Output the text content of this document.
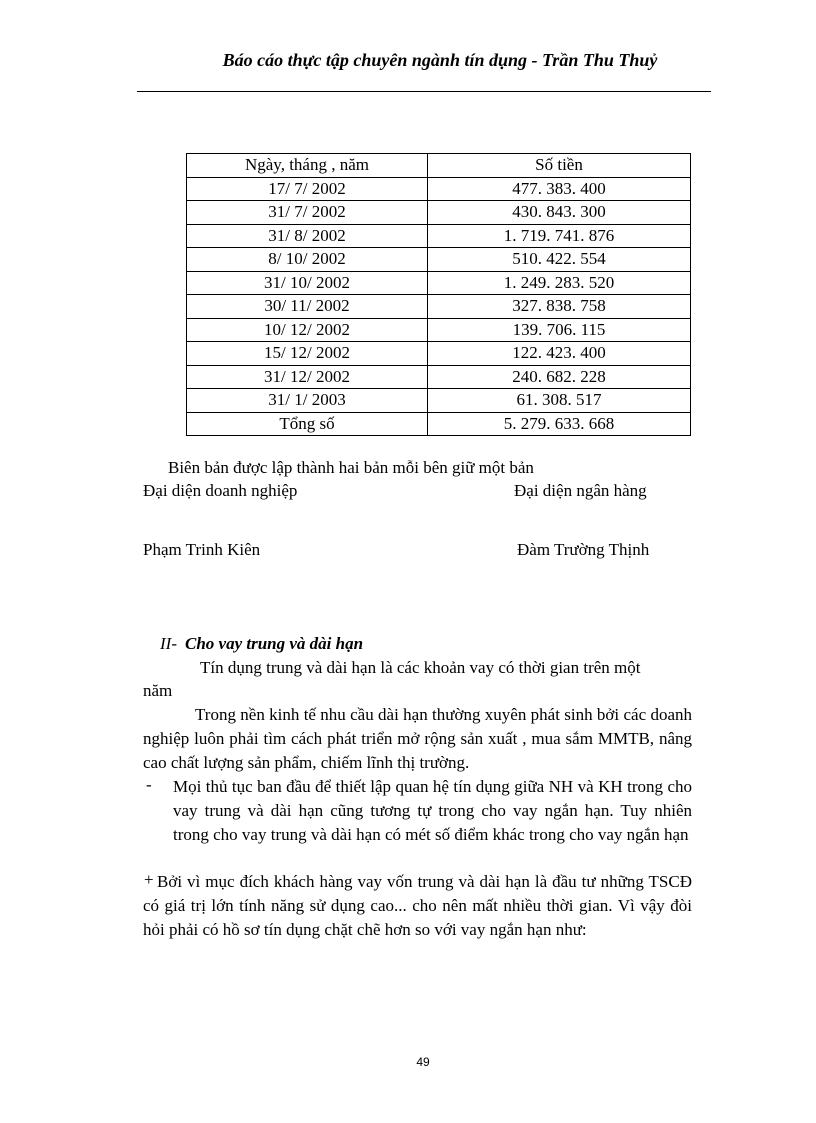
Báo cáo thực tập chuyên ngành tín dụng - Trần Thu Thuỷ
Ngày, tháng , năm	Số tiền
17/ 7/ 2002	477. 383. 400
31/ 7/ 2002	430. 843. 300
31/ 8/ 2002	1. 719. 741. 876
8/ 10/ 2002	510. 422. 554
31/ 10/ 2002	1. 249. 283. 520
30/ 11/ 2002	327. 838. 758
10/ 12/ 2002	139. 706. 115
15/ 12/ 2002	122. 423. 400
31/ 12/ 2002	240. 682. 228
31/ 1/ 2003	61. 308. 517
Tổng số	5. 279. 633. 668
Biên bản được lập thành hai bản mỗi bên giữ một bản
Đại diện doanh nghiệp	Đại diện ngân hàng
Phạm Trinh Kiên	Đàm Trường Thịnh
II- Cho vay trung và dài hạn
Tín dụng trung và dài hạn là các khoản vay có thời gian trên một
năm
Trong nền kinh tế nhu cầu dài hạn thường xuyên phát sinh bởi các doanh nghiệp luôn phải tìm cách phát triển mở rộng sản xuất , mua sắm MMTB, nâng cao chất lượng sản phẩm, chiếm lĩnh thị trường.
- Mọi thủ tục ban đầu để thiết lập quan hệ tín dụng giữa NH và KH trong cho vay trung và dài hạn cũng tương tự trong cho vay ngắn hạn. Tuy nhiên trong cho vay trung và dài hạn có mét số điểm khác trong cho vay ngắn hạn
+ Bởi vì mục đích khách hàng vay vốn trung và dài hạn là đầu tư những TSCĐ có giá trị lớn tính năng sử dụng cao... cho nên mất nhiều thời gian. Vì vậy đòi hỏi phải có hồ sơ tín dụng chặt chẽ hơn so với vay ngắn hạn như:
49
